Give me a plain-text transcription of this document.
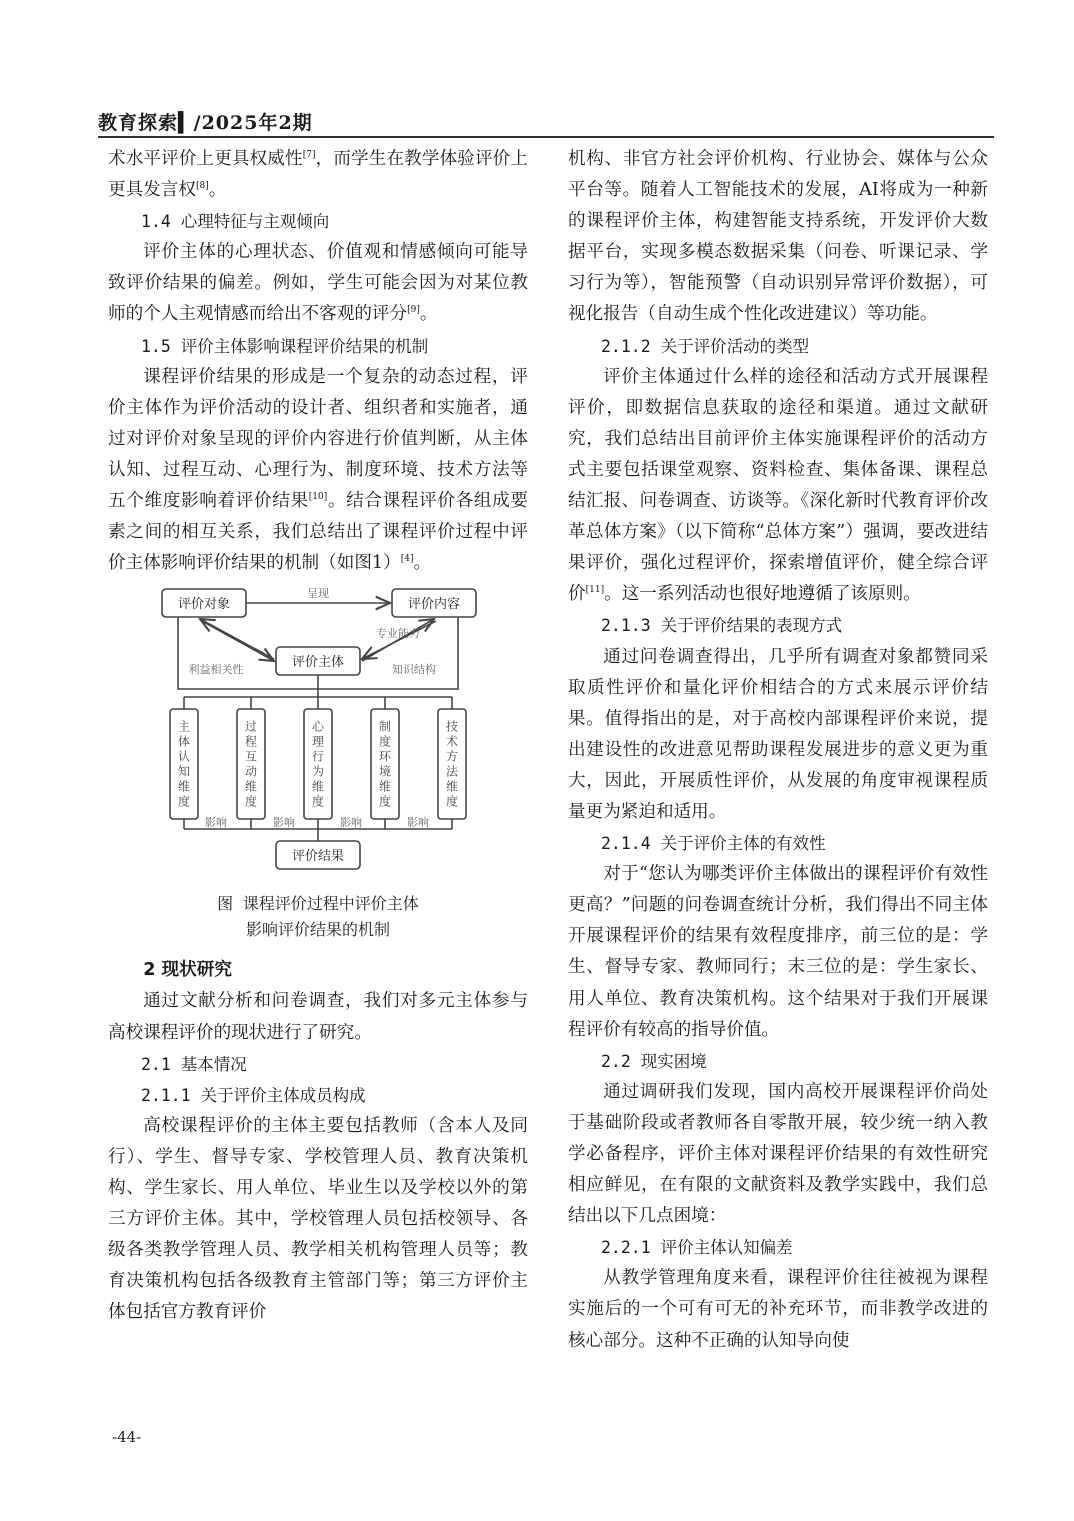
教育探索▍/2025年2期

术水平评价上更具权威性[7]，而学生在教学体验评价上更具发言权[8]。

1.4 心理特征与主观倾向

评价主体的心理状态、价值观和情感倾向可能导致评价结果的偏差。例如，学生可能会因为对某位教师的个人主观情感而给出不客观的评分[9]。

1.5 评价主体影响课程评价结果的机制

课程评价结果的形成是一个复杂的动态过程，评价主体作为评价活动的设计者、组织者和实施者，通过对评价对象呈现的评价内容进行价值判断，从主体认知、过程互动、心理行为、制度环境、技术方法等五个维度影响着评价结果[10]。结合课程评价各组成要素之间的相互关系，我们总结出了课程评价过程中评价主体影响评价结果的机制（如图1）[4]。

评价对象	评价内容
评价主体
评价结果
呈现
专业能力
利益相关性	知识结构
影响	影响	影响	影响
主体认知维度
过程互动维度
心理行为维度
制度环境维度
技术方法维度
图 课程评价过程中评价主体
影响评价结果的机制
2 现状研究

通过文献分析和问卷调查，我们对多元主体参与高校课程评价的现状进行了研究。

2.1 基本情况
2.1.1 关于评价主体成员构成

高校课程评价的主体主要包括教师（含本人及同行）、学生、督导专家、学校管理人员、教育决策机构、学生家长、用人单位、毕业生以及学校以外的第三方评价主体。其中，学校管理人员包括校领导、各级各类教学管理人员、教学相关机构管理人员等；教育决策机构包括各级教育主管部门等；第三方评价主体包括官方教育评价

机构、非官方社会评价机构、行业协会、媒体与公众平台等。随着人工智能技术的发展，AI将成为一种新的课程评价主体，构建智能支持系统，开发评价大数据平台，实现多模态数据采集（问卷、听课记录、学习行为等），智能预警（自动识别异常评价数据），可视化报告（自动生成个性化改进建议）等功能。

2.1.2 关于评价活动的类型

评价主体通过什么样的途径和活动方式开展课程评价，即数据信息获取的途径和渠道。通过文献研究，我们总结出目前评价主体实施课程评价的活动方式主要包括课堂观察、资料检查、集体备课、课程总结汇报、问卷调查、访谈等。《深化新时代教育评价改革总体方案》（以下简称“总体方案”）强调，要改进结果评价，强化过程评价，探索增值评价，健全综合评价[11]。这一系列活动也很好地遵循了该原则。

2.1.3 关于评价结果的表现方式

通过问卷调查得出，几乎所有调查对象都赞同采取质性评价和量化评价相结合的方式来展示评价结果。值得指出的是，对于高校内部课程评价来说，提出建设性的改进意见帮助课程发展进步的意义更为重大，因此，开展质性评价，从发展的角度审视课程质量更为紧迫和适用。

2.1.4 关于评价主体的有效性

对于“您认为哪类评价主体做出的课程评价有效性更高？”问题的问卷调查统计分析，我们得出不同主体开展课程评价的结果有效程度排序，前三位的是：学生、督导专家、教师同行；末三位的是：学生家长、用人单位、教育决策机构。这个结果对于我们开展课程评价有较高的指导价值。

2.2 现实困境

通过调研我们发现，国内高校开展课程评价尚处于基础阶段或者教师各自零散开展，较少统一纳入教学必备程序，评价主体对课程评价结果的有效性研究相应鲜见，在有限的文献资料及教学实践中，我们总结出以下几点困境：

2.2.1 评价主体认知偏差

从教学管理角度来看，课程评价往往被视为课程实施后的一个可有可无的补充环节，而非教学改进的核心部分。这种不正确的认知导向使

-44-
